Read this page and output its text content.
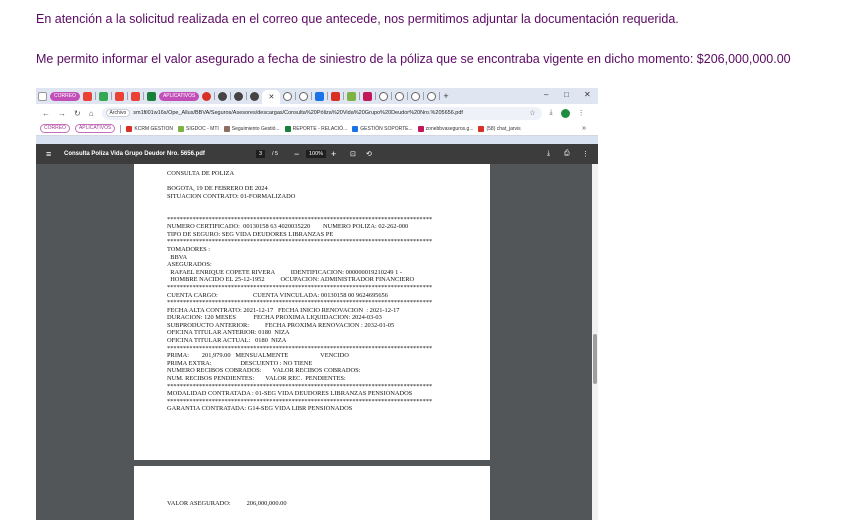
En atención a la solicitud realizada en el correo que antecede, nos permitimos adjuntar la documentación requerida.
Me permito informar el valor asegurado a fecha de siniestro de la póliza que se encontraba vigente en dicho momento: $206,000,000.00
CORREO	APLICATIVOS	✕	+	– □ ✕
← → ↻ ⌂	Archivo	sm1fil01w16s/Ope_Allus/BBVA/Seguros/Asesores/descargas/Consulta%20Póliza%20Vida%20Grupo%20Deudor%20Nro.%205656.pdf	☆ ⤓	⋮
CORREO	APLICATIVOS	KCRM GESTION	SIGDOC - MTI	Seguimiento Gestió...	REPORTE - RELACIÓ...	GESTIÓN SOPORTE...	zonebbvaseguros.g...	(58) chat_jarvis	»
≡ Consulta Poliza Vida Grupo Deudor Nro. 5656.pdf	3	/ 5 −	100% + ⊡ ⟲	⤓ ⎙ ⋮
CONSULTA DE POLIZA

BOGOTA, 19 DE FEBRERO DE 2024
SITUACION CONTRATO: 01-FORMALIZADO

***********************************************************************************
NUMERO CERTIFICADO:  00130158 63 4020035220        NUMERO POLIZA: 02-262-000
TIPO DE SEGURO: SEG VIDA DEUDORES LIBRANZAS PE
***********************************************************************************
TOMADORES :
BBVA
ASEGURADOS:
RAFAEL ENRIQUE COPETE RIVERA          IDENTIFICACION: 000000019210249 1 -
HOMBRE NACIDO EL 25-12-1952          OCUPACION: ADMINISTRADOR FINANCIERO
***********************************************************************************
CUENTA CARGO:                      CUENTA VINCULADA: 00130158 00 9624695656
***********************************************************************************
FECHA ALTA CONTRATO: 2021-12-17   FECHA INICIO RENOVACION  : 2021-12-17
DURACION: 120 MESES           FECHA PROXIMA LIQUIDACION: 2024-03-03
SUBPRODUCTO ANTERIOR:          FECHA PROXIMA RENOVACION : 2032-01-05
OFICINA TITULAR ANTERIOR: 0180  NIZA
OFICINA TITULAR ACTUAL:   0180  NIZA
***********************************************************************************
PRIMA:        201,979.00   MENSUALMENTE                    VENCIDO
PRIMA EXTRA:                  DESCUENTO : NO TIENE
NUMERO RECIBOS COBRADOS:       VALOR RECIBOS COBRADOS:
NUM. RECIBOS PENDIENTES:       VALOR REC.  PENDIENTES:
***********************************************************************************
MODALIDAD CONTRATADA : 01-SEG VIDA DEUDORES LIBRANZAS PENSIONADOS
***********************************************************************************
GARANTIA CONTRATADA: G14-SEG VIDA LIBR PENSIONADOS
VALOR ASEGURADO:          206,000,000.00
